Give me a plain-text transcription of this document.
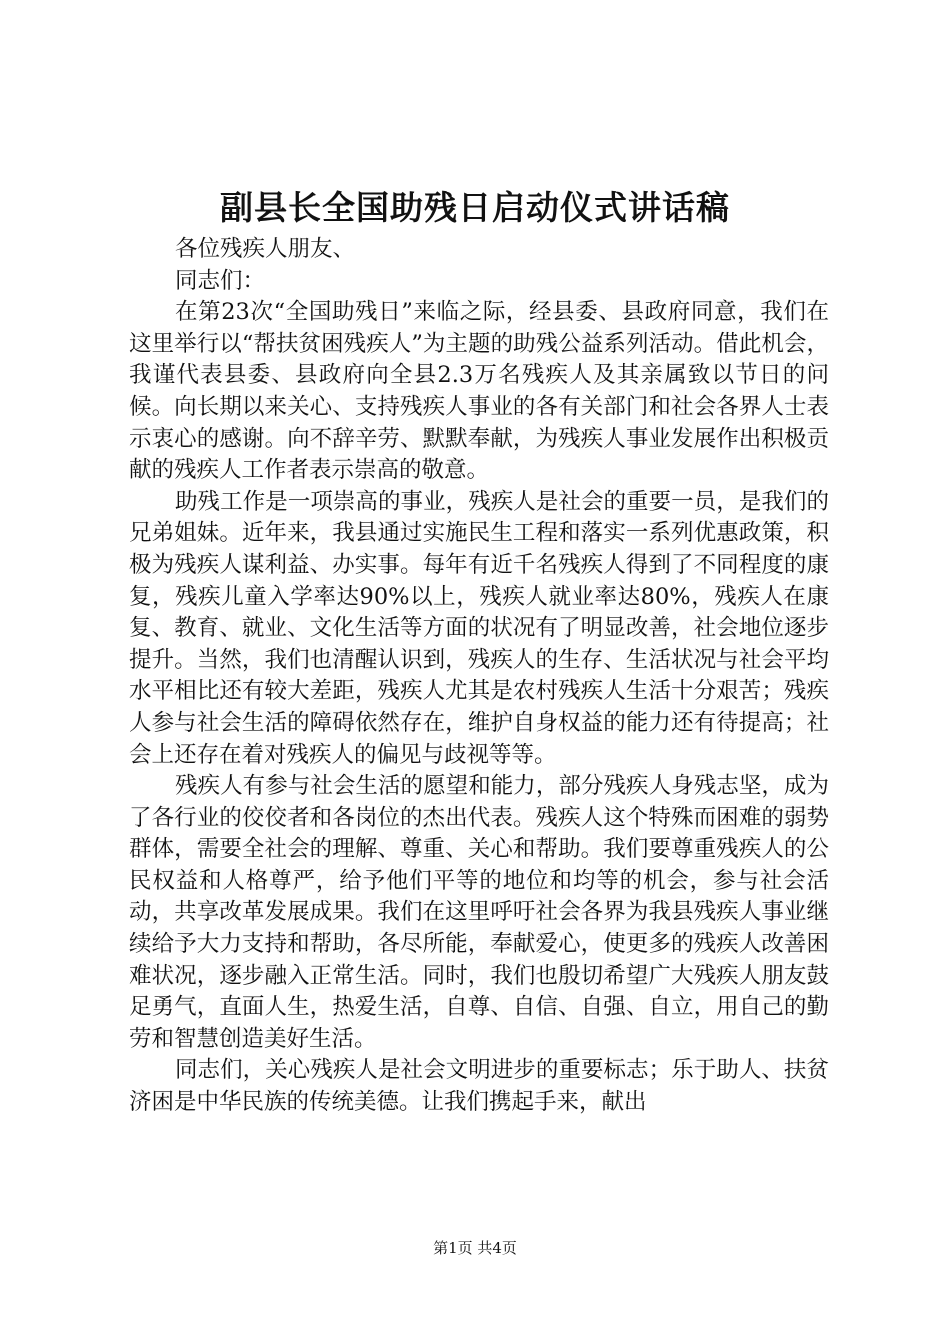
副县长全国助残日启动仪式讲话稿

各位残疾人朋友、

同志们：

在第23次“全国助残日”来临之际，经县委、县政府同意，我们在这里举行以“帮扶贫困残疾人”为主题的助残公益系列活动。借此机会，我谨代表县委、县政府向全县2.3万名残疾人及其亲属致以节日的问候。向长期以来关心、支持残疾人事业的各有关部门和社会各界人士表示衷心的感谢。向不辞辛劳、默默奉献，为残疾人事业发展作出积极贡献的残疾人工作者表示崇高的敬意。

助残工作是一项崇高的事业，残疾人是社会的重要一员，是我们的兄弟姐妹。近年来，我县通过实施民生工程和落实一系列优惠政策，积极为残疾人谋利益、办实事。每年有近千名残疾人得到了不同程度的康复，残疾儿童入学率达90%以上，残疾人就业率达80%，残疾人在康复、教育、就业、文化生活等方面的状况有了明显改善，社会地位逐步提升。当然，我们也清醒认识到，残疾人的生存、生活状况与社会平均水平相比还有较大差距，残疾人尤其是农村残疾人生活十分艰苦；残疾人参与社会生活的障碍依然存在，维护自身权益的能力还有待提高；社会上还存在着对残疾人的偏见与歧视等等。

残疾人有参与社会生活的愿望和能力，部分残疾人身残志坚，成为了各行业的佼佼者和各岗位的杰出代表。残疾人这个特殊而困难的弱势群体，需要全社会的理解、尊重、关心和帮助。我们要尊重残疾人的公民权益和人格尊严，给予他们平等的地位和均等的机会，参与社会活动，共享改革发展成果。我们在这里呼吁社会各界为我县残疾人事业继续给予大力支持和帮助，各尽所能，奉献爱心，使更多的残疾人改善困难状况，逐步融入正常生活。同时，我们也殷切希望广大残疾人朋友鼓足勇气，直面人生，热爱生活，自尊、自信、自强、自立，用自己的勤劳和智慧创造美好生活。

同志们，关心残疾人是社会文明进步的重要标志；乐于助人、扶贫济困是中华民族的传统美德。让我们携起手来，献出

第1页 共4页
